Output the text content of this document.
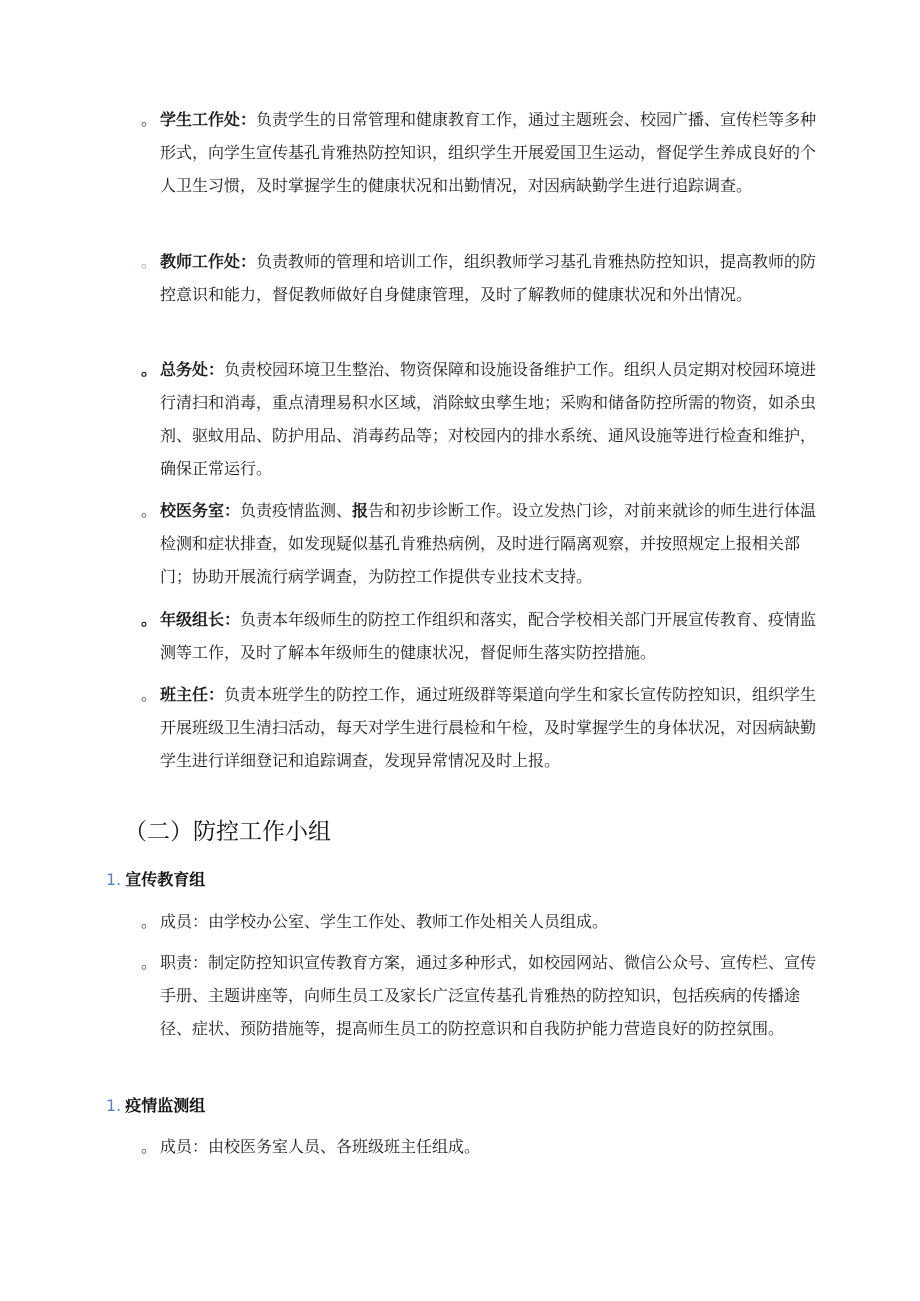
。 学生工作处：负责学生的日常管理和健康教育工作，通过主题班会、校园广播、宣传栏等多种形式，向学生宣传基孔肯雅热防控知识，组织学生开展爱国卫生运动，督促学生养成良好的个人卫生习惯，及时掌握学生的健康状况和出勤情况，对因病缺勤学生进行追踪调查。
。 教师工作处：负责教师的管理和培训工作，组织教师学习基孔肯雅热防控知识，提高教师的防控意识和能力，督促教师做好自身健康管理，及时了解教师的健康状况和外出情况。
。 总务处：负责校园环境卫生整治、物资保障和设施设备维护工作。组织人员定期对校园环境进行清扫和消毒，重点清理易积水区域，消除蚊虫孳生地；采购和储备防控所需的物资，如杀虫剂、驱蚊用品、防护用品、消毒药品等；对校园内的排水系统、通风设施等进行检查和维护，确保正常运行。
。 校医务室：负责疫情监测、报告和初步诊断工作。设立发热门诊，对前来就诊的师生进行体温检测和症状排查，如发现疑似基孔肯雅热病例，及时进行隔离观察，并按照规定上报相关部门；协助开展流行病学调查，为防控工作提供专业技术支持。
。 年级组长：负责本年级师生的防控工作组织和落实，配合学校相关部门开展宣传教育、疫情监测等工作，及时了解本年级师生的健康状况，督促师生落实防控措施。
。 班主任：负责本班学生的防控工作，通过班级群等渠道向学生和家长宣传防控知识，组织学生开展班级卫生清扫活动，每天对学生进行晨检和午检，及时掌握学生的身体状况，对因病缺勤学生进行详细登记和追踪调查，发现异常情况及时上报。
（二）防控工作小组
1. 宣传教育组
。 成员：由学校办公室、学生工作处、教师工作处相关人员组成。
。 职责：制定防控知识宣传教育方案，通过多种形式，如校园网站、微信公众号、宣传栏、宣传手册、主题讲座等，向师生员工及家长广泛宣传基孔肯雅热的防控知识，包括疾病的传播途径、症状、预防措施等，提高师生员工的防控意识和自我防护能力营造良好的防控氛围。
1. 疫情监测组
。 成员：由校医务室人员、各班级班主任组成。
